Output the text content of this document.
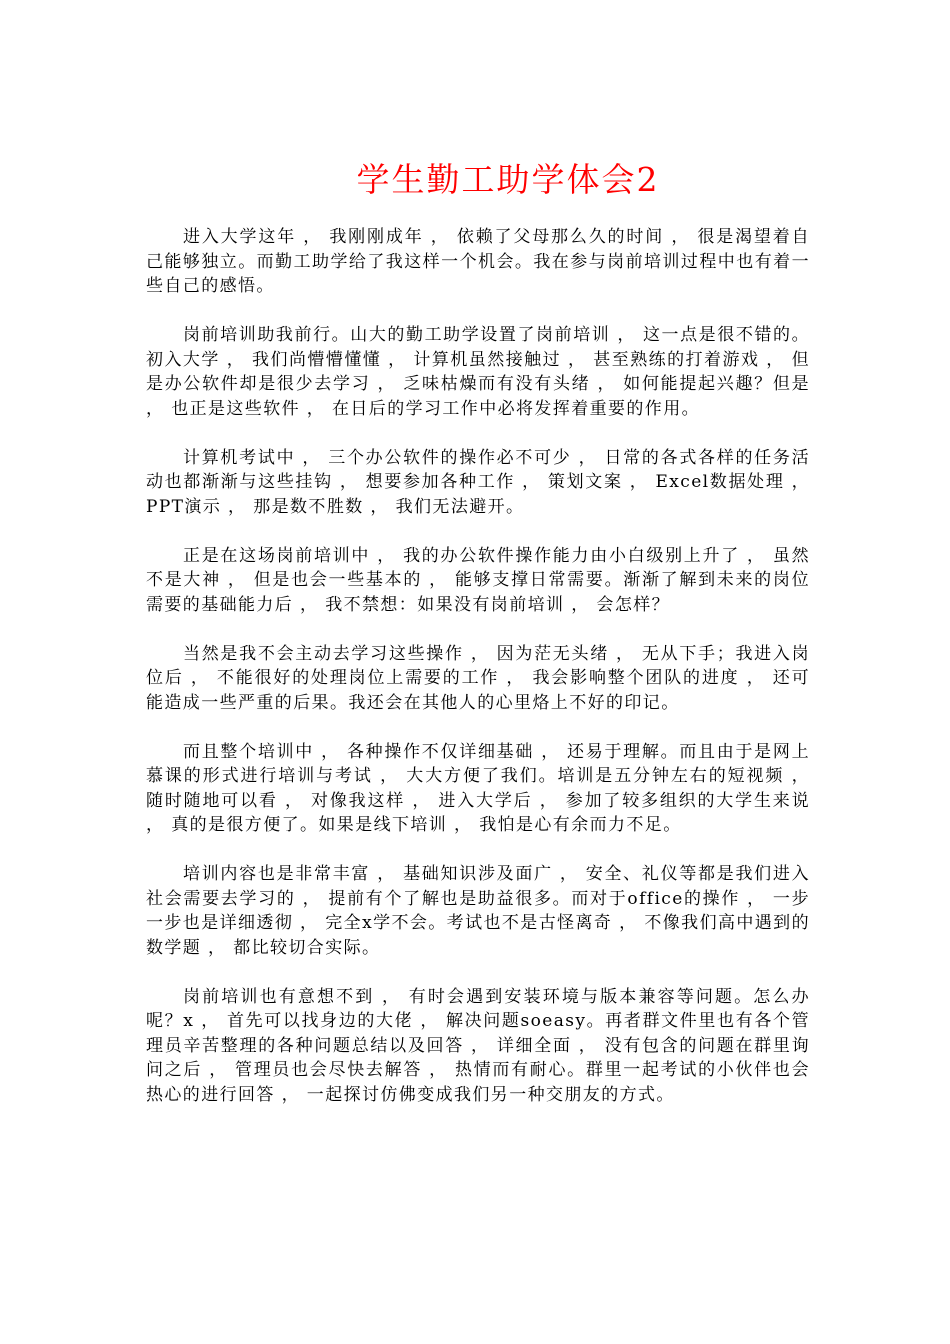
学生勤工助学体会2

进入大学这年 ， 我刚刚成年 ， 依赖了父母那么久的时间 ， 很是渴望着自己能够独立。而勤工助学给了我这样一个机会。我在参与岗前培训过程中也有着一些自己的感悟。

岗前培训助我前行。山大的勤工助学设置了岗前培训 ， 这一点是很不错的。初入大学 ， 我们尚懵懵懂懂 ， 计算机虽然接触过 ， 甚至熟练的打着游戏 ， 但是办公软件却是很少去学习 ， 乏味枯燥而有没有头绪 ， 如何能提起兴趣？但是 ， 也正是这些软件 ， 在日后的学习工作中必将发挥着重要的作用。

计算机考试中 ， 三个办公软件的操作必不可少 ， 日常的各式各样的任务活动也都渐渐与这些挂钩 ， 想要参加各种工作 ， 策划文案 ， Excel数据处理 ， PPT演示 ， 那是数不胜数 ， 我们无法避开。

正是在这场岗前培训中 ， 我的办公软件操作能力由小白级别上升了 ， 虽然不是大神 ， 但是也会一些基本的 ， 能够支撑日常需要。渐渐了解到未来的岗位需要的基础能力后 ， 我不禁想：如果没有岗前培训 ， 会怎样？

当然是我不会主动去学习这些操作 ， 因为茫无头绪 ， 无从下手；我进入岗位后 ， 不能很好的处理岗位上需要的工作 ， 我会影响整个团队的进度 ， 还可能造成一些严重的后果。我还会在其他人的心里烙上不好的印记。

而且整个培训中 ， 各种操作不仅详细基础 ， 还易于理解。而且由于是网上慕课的形式进行培训与考试 ， 大大方便了我们。培训是五分钟左右的短视频 ， 随时随地可以看 ， 对像我这样 ， 进入大学后 ， 参加了较多组织的大学生来说 ， 真的是很方便了。如果是线下培训 ， 我怕是心有余而力不足。

培训内容也是非常丰富 ， 基础知识涉及面广 ， 安全、礼仪等都是我们进入社会需要去学习的 ， 提前有个了解也是助益很多。而对于office的操作 ， 一步一步也是详细透彻 ， 完全x学不会。考试也不是古怪离奇 ， 不像我们高中遇到的数学题 ， 都比较切合实际。

岗前培训也有意想不到 ， 有时会遇到安装环境与版本兼容等问题。怎么办呢？x ， 首先可以找身边的大佬 ， 解决问题soeasy。再者群文件里也有各个管理员辛苦整理的各种问题总结以及回答 ， 详细全面 ， 没有包含的问题在群里询问之后 ， 管理员也会尽快去解答 ， 热情而有耐心。群里一起考试的小伙伴也会热心的进行回答 ， 一起探讨仿佛变成我们另一种交朋友的方式。
